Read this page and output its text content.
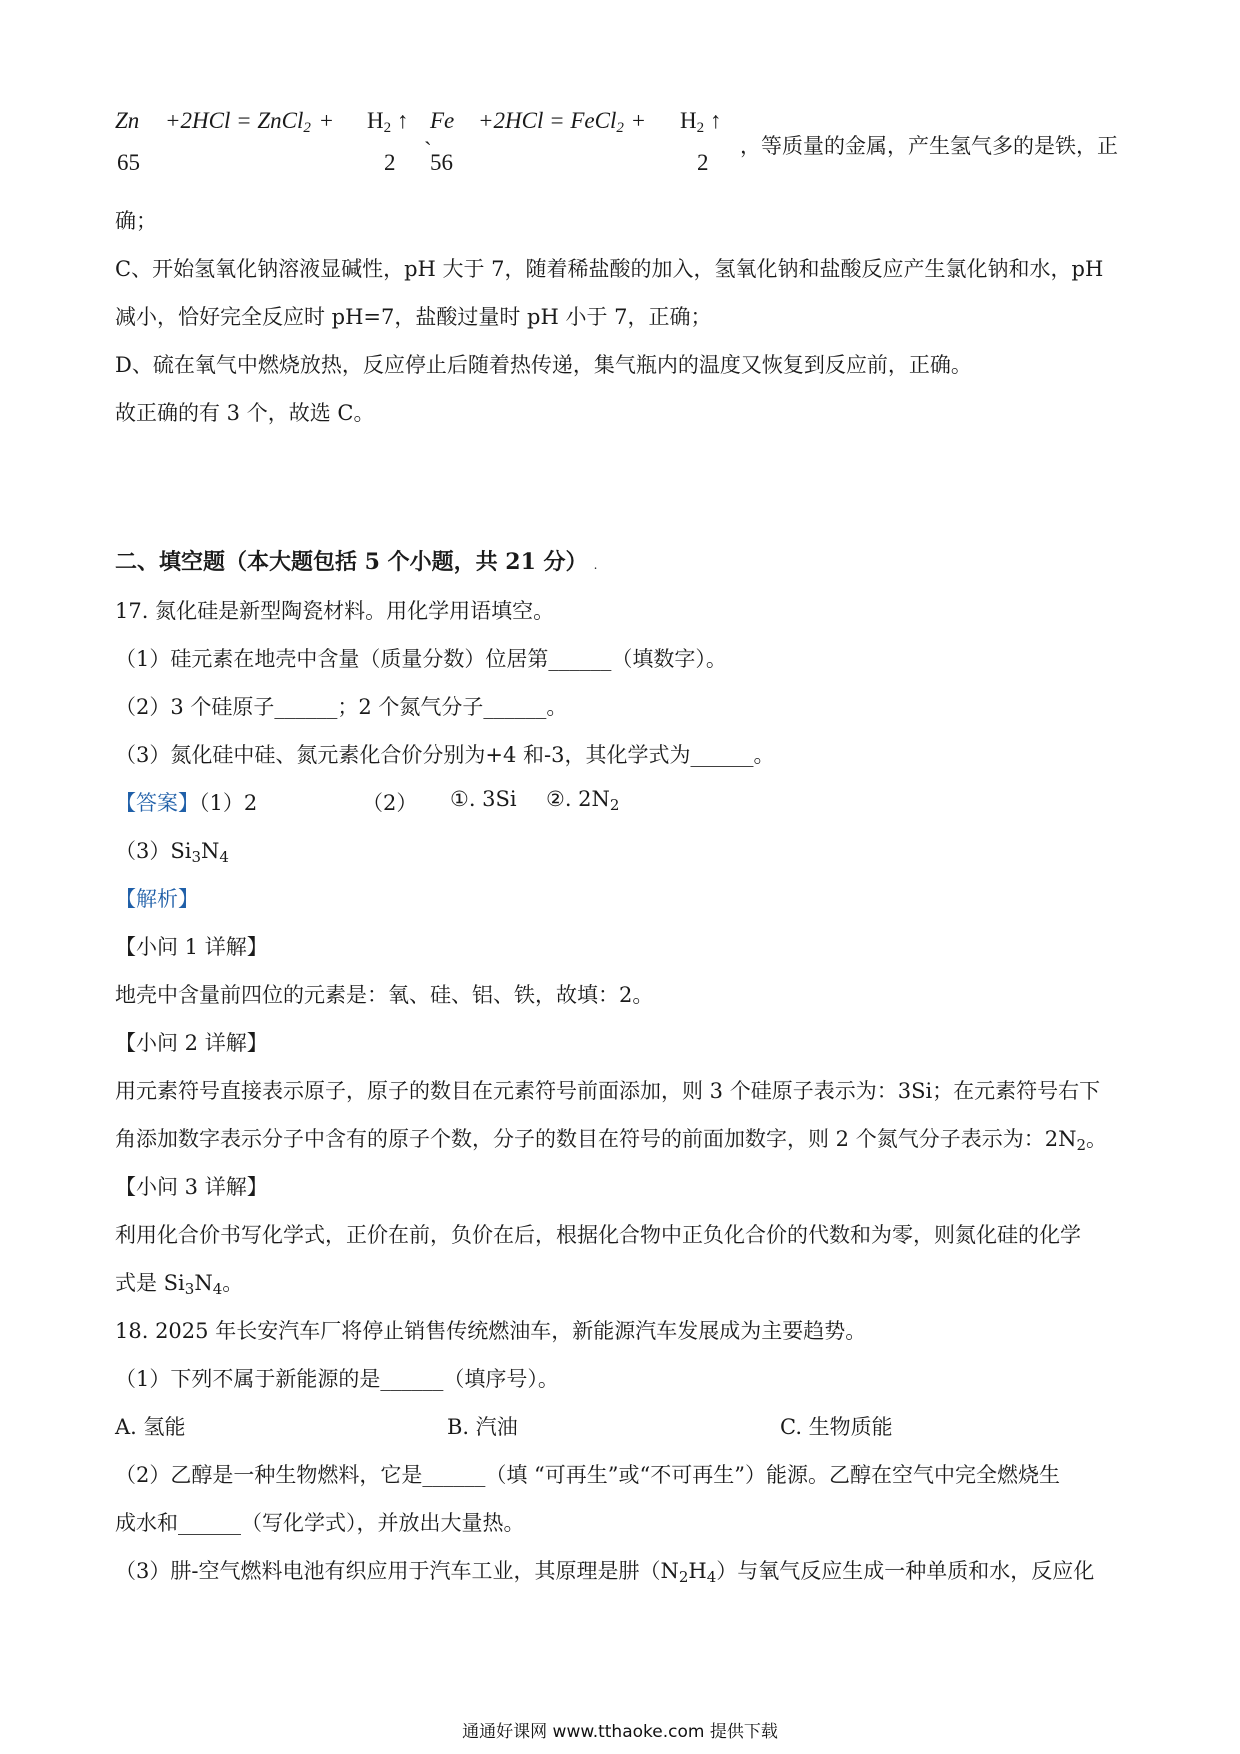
Zn +2HCl = ZnCl$_2$ + $H_2$ ↑ Fe +2HCl = FeCl$_2$ + $H_2$ ↑
，等质量的金属，产生氢气多的是铁，正
65	2 `
56	2
确；
C、开始氢氧化钠溶液显碱性，pH 大于 7，随着稀盐酸的加入，氢氧化钠和盐酸反应产生氯化钠和水，pH
减小，恰好完全反应时 pH=7，盐酸过量时 pH 小于 7，正确；
D、硫在氧气中燃烧放热，反应停止后随着热传递，集气瓶内的温度又恢复到反应前，正确。
故正确的有 3 个，故选 C。
二、填空题（本大题包括 5 个小题，共 21 分） .
17. 氮化硅是新型陶瓷材料。用化学用语填空。
（1）硅元素在地壳中含量（质量分数）位居第______（填数字）。
（2）3 个硅原子______；2 个氮气分子______。
（3）氮化硅中硅、氮元素化合价分别为+4 和-3，其化学式为______。
【答案】（1）2	（2） ①. 3Si ②. $2N_2$
$(3)Si_3N_4$
【解析】
【小问 1 详解】
地壳中含量前四位的元素是：氧、硅、铝、铁，故填：2。
【小问 2 详解】
用元素符号直接表示原子，原子的数目在元素符号前面添加，则 3 个硅原子表示为：3Si；在元素符号右下
角添加数字表示分子中含有的原子个数，分子的数目在符号的前面加数字，则 2 个氮气分子表示为：$2N_2$。
【小问 3 详解】
利用化合价书写化学式，正价在前，负价在后，根据化合物中正负化合价的代数和为零，则氮化硅的化学
式是 $Si_3N_4$。
18. 2025 年长安汽车厂将停止销售传统燃油车，新能源汽车发展成为主要趋势。
（1）下列不属于新能源的是______（填序号）。
A. 氢能	B. 汽油	C. 生物质能
（2）乙醇是一种生物燃料，它是______（填 “可再生”或“不可再生”）能源。乙醇在空气中完全燃烧生
成水和______（写化学式），并放出大量热。
（3）肼-空气燃料电池有织应用于汽车工业，其原理是肼$(N_2H_4)$与氧气反应生成一种单质和水，反应化
通通好课网 www.tthaoke.com 提供下载
